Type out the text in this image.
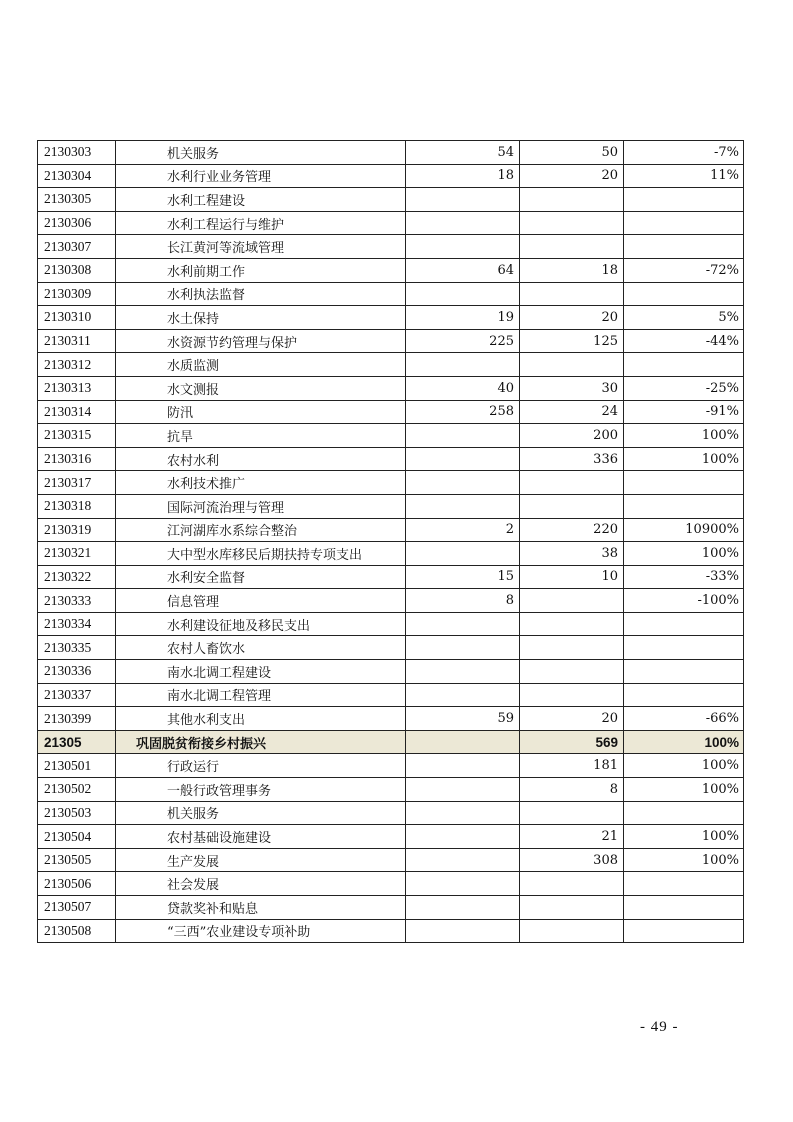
2130303	机关服务	54	50	-7%
2130304	水利行业业务管理	18	20	11%
2130305	水利工程建设			
2130306	水利工程运行与维护			
2130307	长江黄河等流域管理			
2130308	水利前期工作	64	18	-72%
2130309	水利执法监督			
2130310	水土保持	19	20	5%
2130311	水资源节约管理与保护	225	125	-44%
2130312	水质监测			
2130313	水文测报	40	30	-25%
2130314	防汛	258	24	-91%
2130315	抗旱		200	100%
2130316	农村水利		336	100%
2130317	水利技术推广			
2130318	国际河流治理与管理			
2130319	江河湖库水系综合整治	2	220	10900%
2130321	大中型水库移民后期扶持专项支出		38	100%
2130322	水利安全监督	15	10	-33%
2130333	信息管理	8		-100%
2130334	水利建设征地及移民支出			
2130335	农村人畜饮水			
2130336	南水北调工程建设			
2130337	南水北调工程管理			
2130399	其他水利支出	59	20	-66%
21305	巩固脱贫衔接乡村振兴		569	100%
2130501	行政运行		181	100%
2130502	一般行政管理事务		8	100%
2130503	机关服务			
2130504	农村基础设施建设		21	100%
2130505	生产发展		308	100%
2130506	社会发展			
2130507	贷款奖补和贴息			
2130508	“三西”农业建设专项补助			
- 49 -
